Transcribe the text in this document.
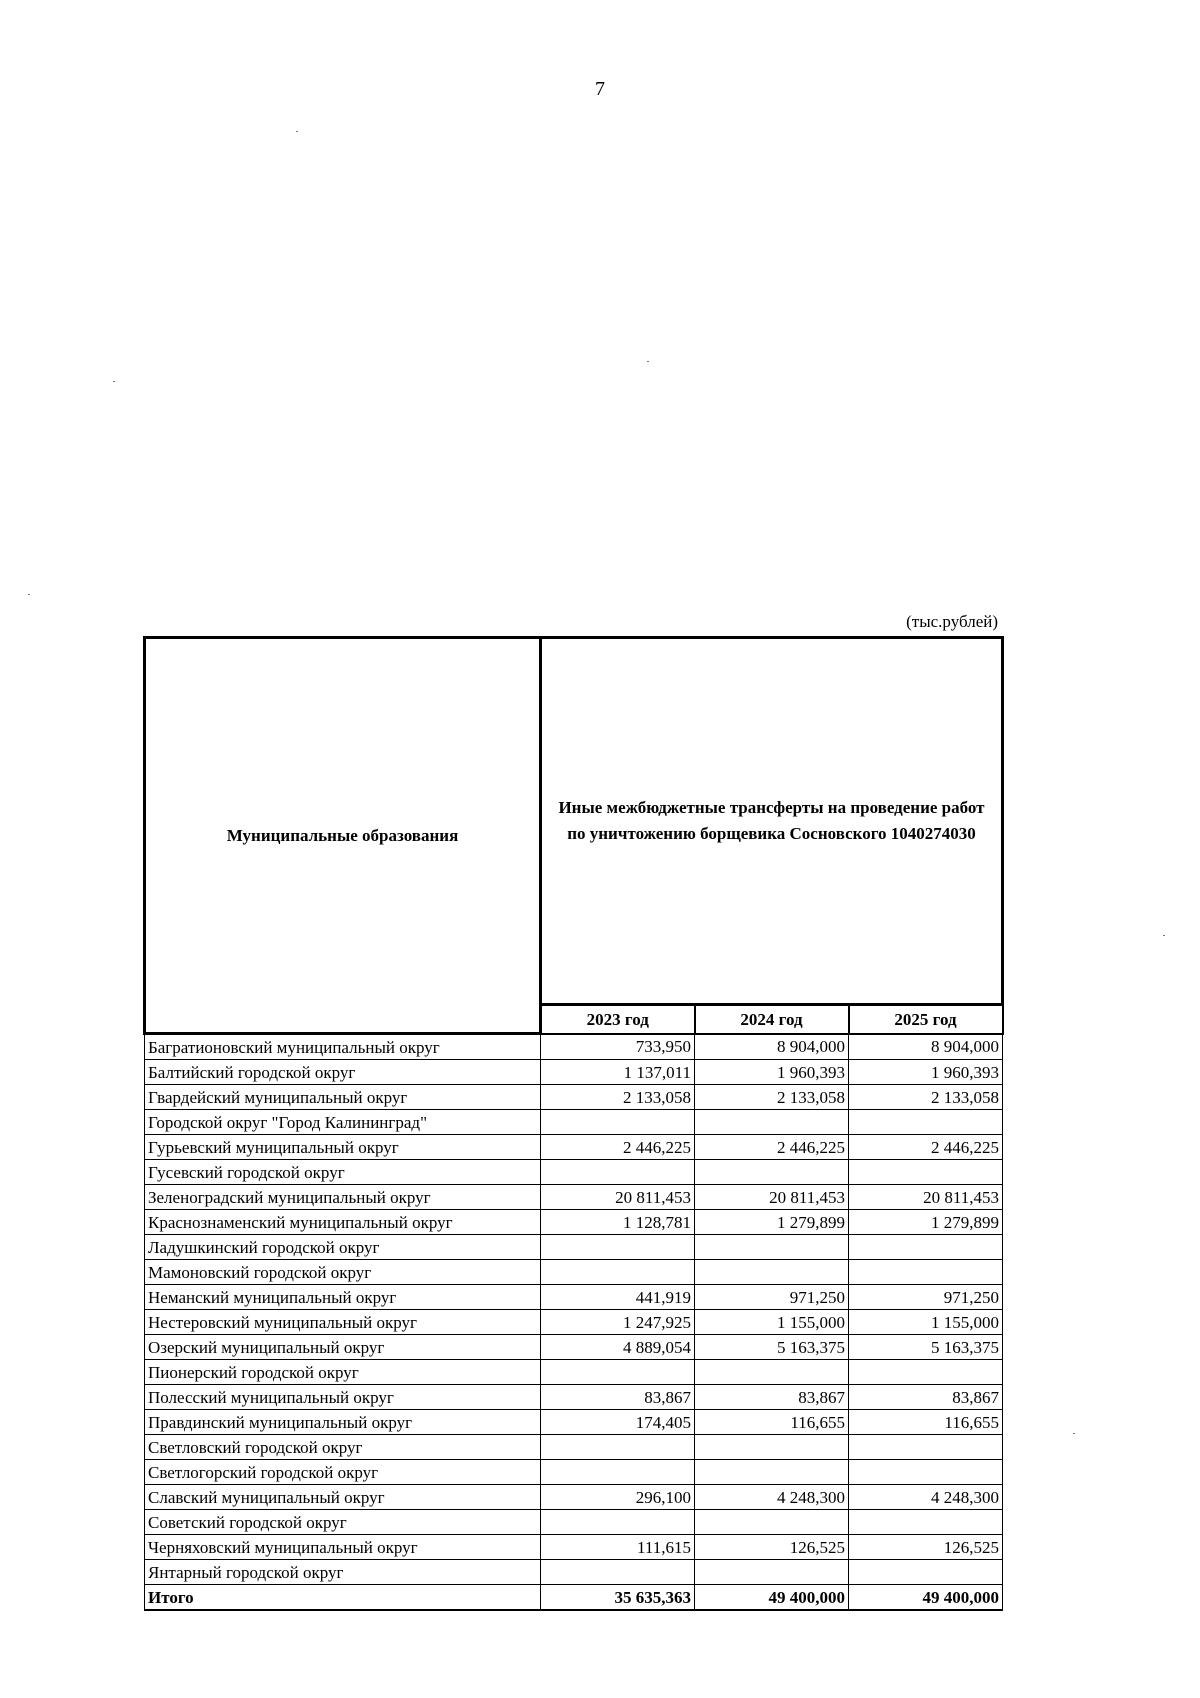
7
(тыс.рублей)
Муниципальные образования	Иные межбюджетные трансферты на проведение работ по уничтожению борщевика Сосновского 1040274030		
	2023 год	2024 год	2025 год
Багратионовский муниципальный округ	733,950	8 904,000	8 904,000
Балтийский городской округ	1 137,011	1 960,393	1 960,393
Гвардейский муниципальный округ	2 133,058	2 133,058	2 133,058
Городской округ "Город Калининград"			
Гурьевский муниципальный округ	2 446,225	2 446,225	2 446,225
Гусевский городской округ			
Зеленоградский муниципальный округ	20 811,453	20 811,453	20 811,453
Краснознаменский муниципальный округ	1 128,781	1 279,899	1 279,899
Ладушкинский городской округ			
Мамоновский городской округ			
Неманский муниципальный округ	441,919	971,250	971,250
Нестеровский муниципальный округ	1 247,925	1 155,000	1 155,000
Озерский муниципальный округ	4 889,054	5 163,375	5 163,375
Пионерский городской округ			
Полесский муниципальный округ	83,867	83,867	83,867
Правдинский муниципальный округ	174,405	116,655	116,655
Светловский городской округ			
Светлогорский городской округ			
Славский муниципальный округ	296,100	4 248,300	4 248,300
Советский городской округ			
Черняховский муниципальный округ	111,615	126,525	126,525
Янтарный городской округ			
Итого	35 635,363	49 400,000	49 400,000
